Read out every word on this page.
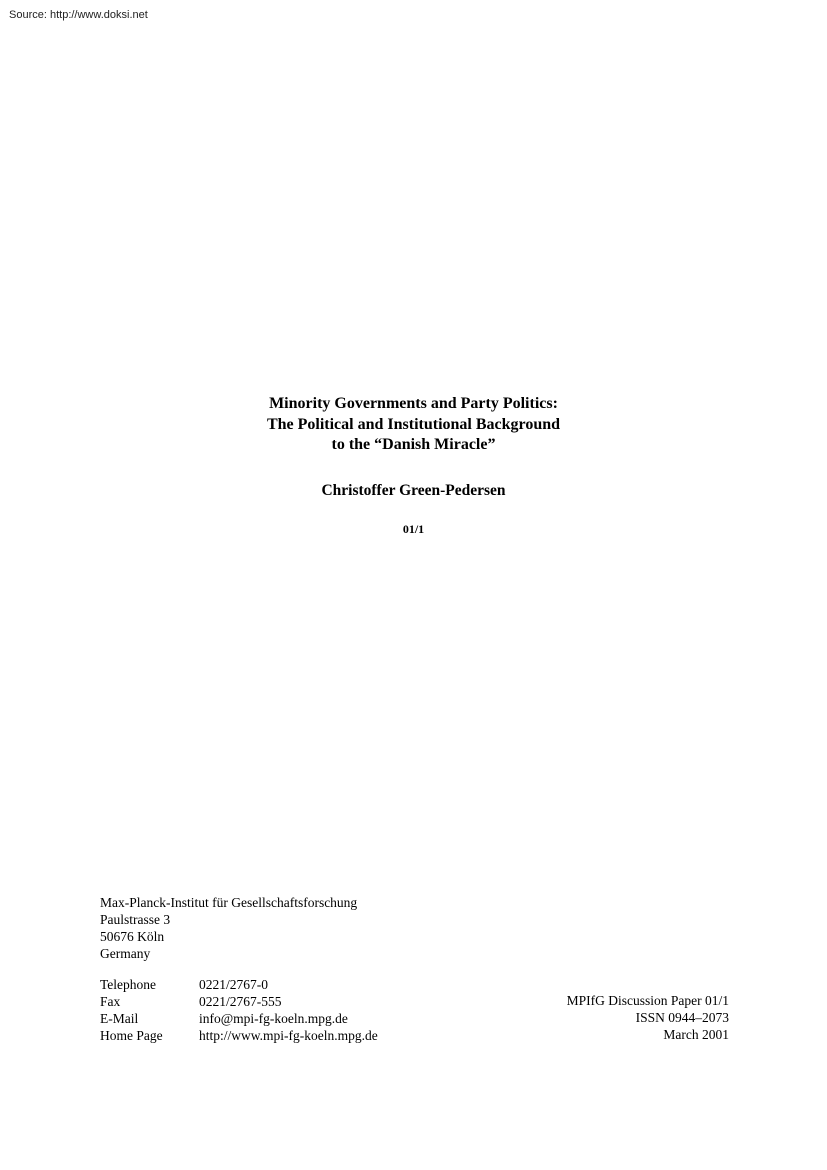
Source: http://www.doksi.net

Minority Governments and Party Politics:

The Political and Institutional Background

to the “Danish Miracle”

Christoffer Green-Pedersen
01/1
Max-Planck-Institut für Gesellschaftsforschung
Paulstrasse 3
50676 Köln
Germany
Telephone	0221/2767-0
Fax	0221/2767-555
E-Mail	info@mpi-fg-koeln.mpg.de
Home Page	http://www.mpi-fg-koeln.mpg.de
MPIfG Discussion Paper 01/1
ISSN 0944–2073
March 2001
